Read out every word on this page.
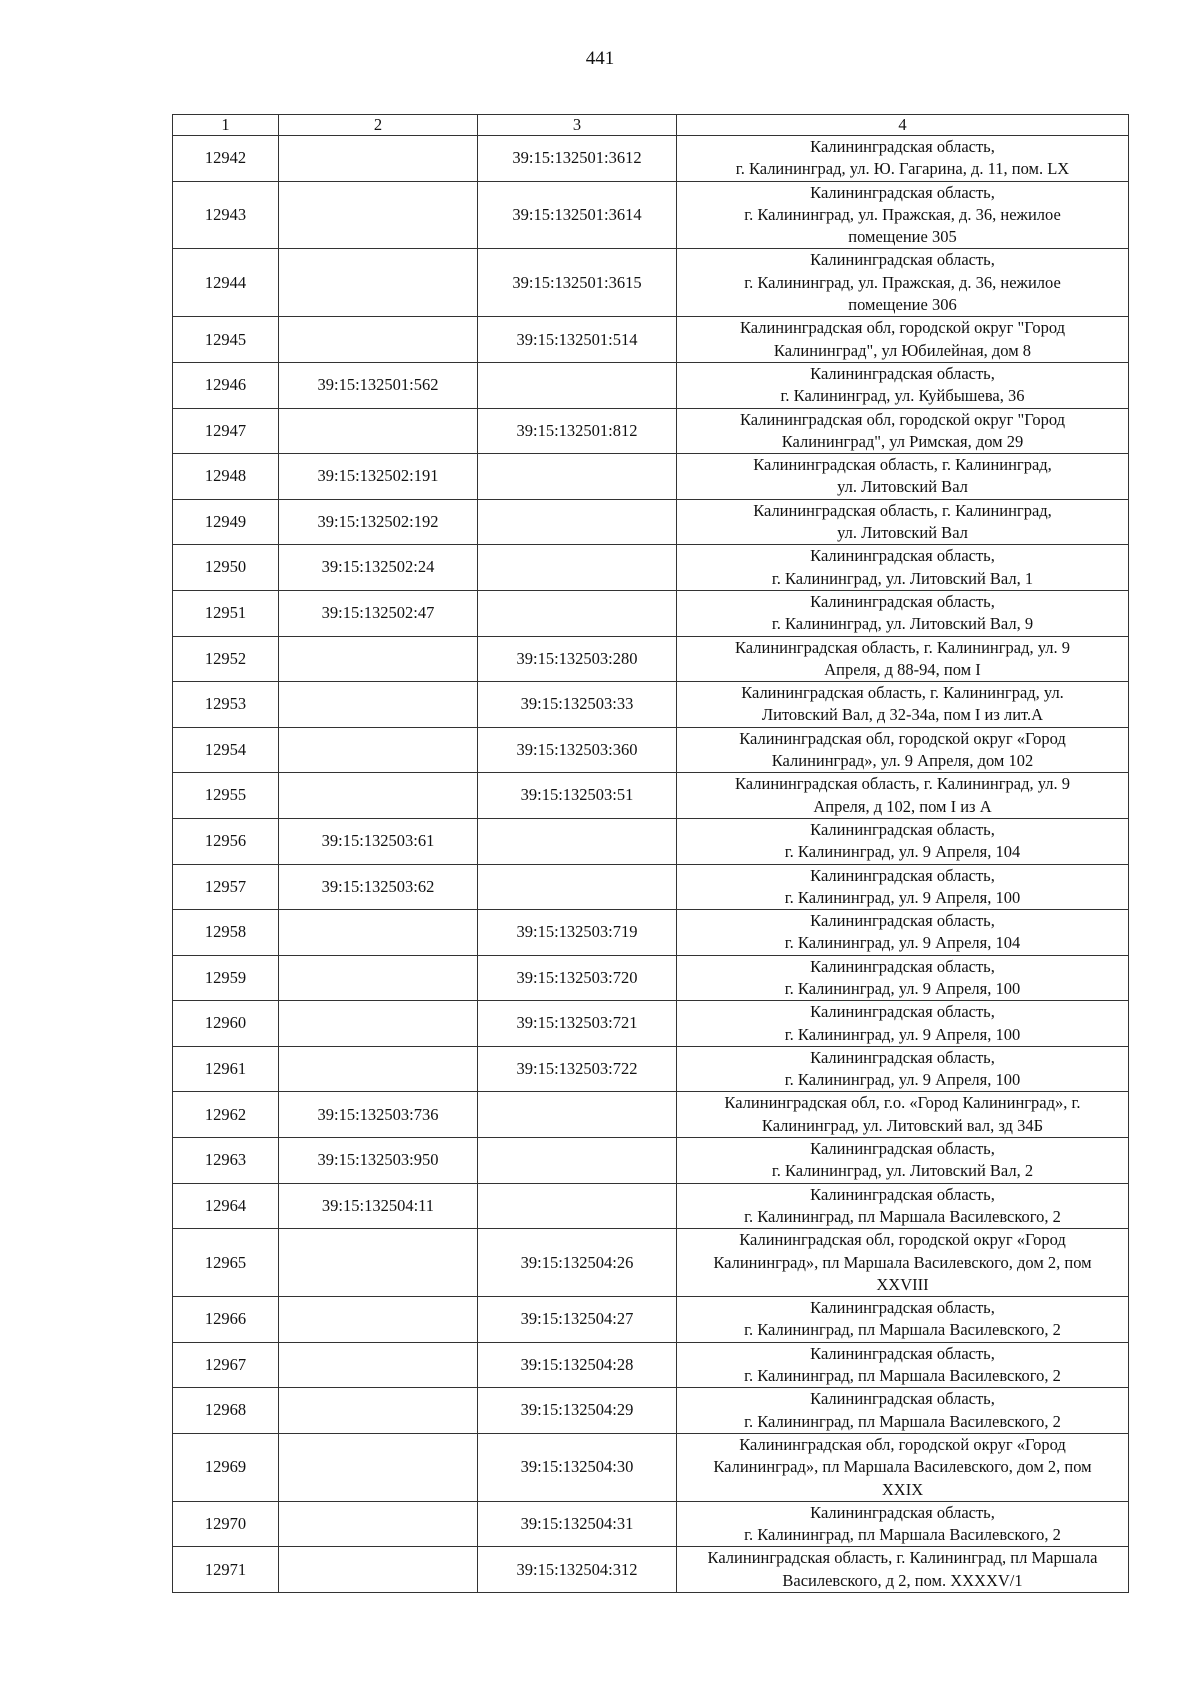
441
1	2	3	4
12942		39:15:132501:3612	Калининградская область,
г. Калининград, ул. Ю. Гагарина, д. 11, пом. LX
12943		39:15:132501:3614	Калининградская область,
г. Калининград, ул. Пражская, д. 36, нежилое
помещение 305
12944		39:15:132501:3615	Калининградская область,
г. Калининград, ул. Пражская, д. 36, нежилое
помещение 306
12945		39:15:132501:514	Калининградская обл, городской округ "Город
Калининград", ул Юбилейная, дом 8
12946	39:15:132501:562		Калининградская область,
г. Калининград, ул. Куйбышева, 36
12947		39:15:132501:812	Калининградская обл, городской округ "Город
Калининград", ул Римская, дом 29
12948	39:15:132502:191		Калининградская область, г. Калининград,
ул. Литовский Вал
12949	39:15:132502:192		Калининградская область, г. Калининград,
ул. Литовский Вал
12950	39:15:132502:24		Калининградская область,
г. Калининград, ул. Литовский Вал, 1
12951	39:15:132502:47		Калининградская область,
г. Калининград, ул. Литовский Вал, 9
12952		39:15:132503:280	Калининградская область, г. Калининград, ул. 9
Апреля, д 88-94, пом I
12953		39:15:132503:33	Калининградская область, г. Калининград, ул.
Литовский Вал, д 32-34а, пом I из лит.А
12954		39:15:132503:360	Калининградская обл, городской округ «Город
Калининград», ул. 9 Апреля, дом 102
12955		39:15:132503:51	Калининградская область, г. Калининград, ул. 9
Апреля, д 102, пом I из А
12956	39:15:132503:61		Калининградская область,
г. Калининград, ул. 9 Апреля, 104
12957	39:15:132503:62		Калининградская область,
г. Калининград, ул. 9 Апреля, 100
12958		39:15:132503:719	Калининградская область,
г. Калининград, ул. 9 Апреля, 104
12959		39:15:132503:720	Калининградская область,
г. Калининград, ул. 9 Апреля, 100
12960		39:15:132503:721	Калининградская область,
г. Калининград, ул. 9 Апреля, 100
12961		39:15:132503:722	Калининградская область,
г. Калининград, ул. 9 Апреля, 100
12962	39:15:132503:736		Калининградская обл, г.о. «Город Калининград», г.
Калининград, ул. Литовский вал, зд 34Б
12963	39:15:132503:950		Калининградская область,
г. Калининград, ул. Литовский Вал, 2
12964	39:15:132504:11		Калининградская область,
г. Калининград, пл Маршала Василевского, 2
12965		39:15:132504:26	Калининградская обл, городской округ «Город
Калининград», пл Маршала Василевского, дом 2, пом
XXVIII
12966		39:15:132504:27	Калининградская область,
г. Калининград, пл Маршала Василевского, 2
12967		39:15:132504:28	Калининградская область,
г. Калининград, пл Маршала Василевского, 2
12968		39:15:132504:29	Калининградская область,
г. Калининград, пл Маршала Василевского, 2
12969		39:15:132504:30	Калининградская обл, городской округ «Город
Калининград», пл Маршала Василевского, дом 2, пом
XXIX
12970		39:15:132504:31	Калининградская область,
г. Калининград, пл Маршала Василевского, 2
12971		39:15:132504:312	Калининградская область, г. Калининград, пл Маршала
Василевского, д 2, пом. XXXXV/1
